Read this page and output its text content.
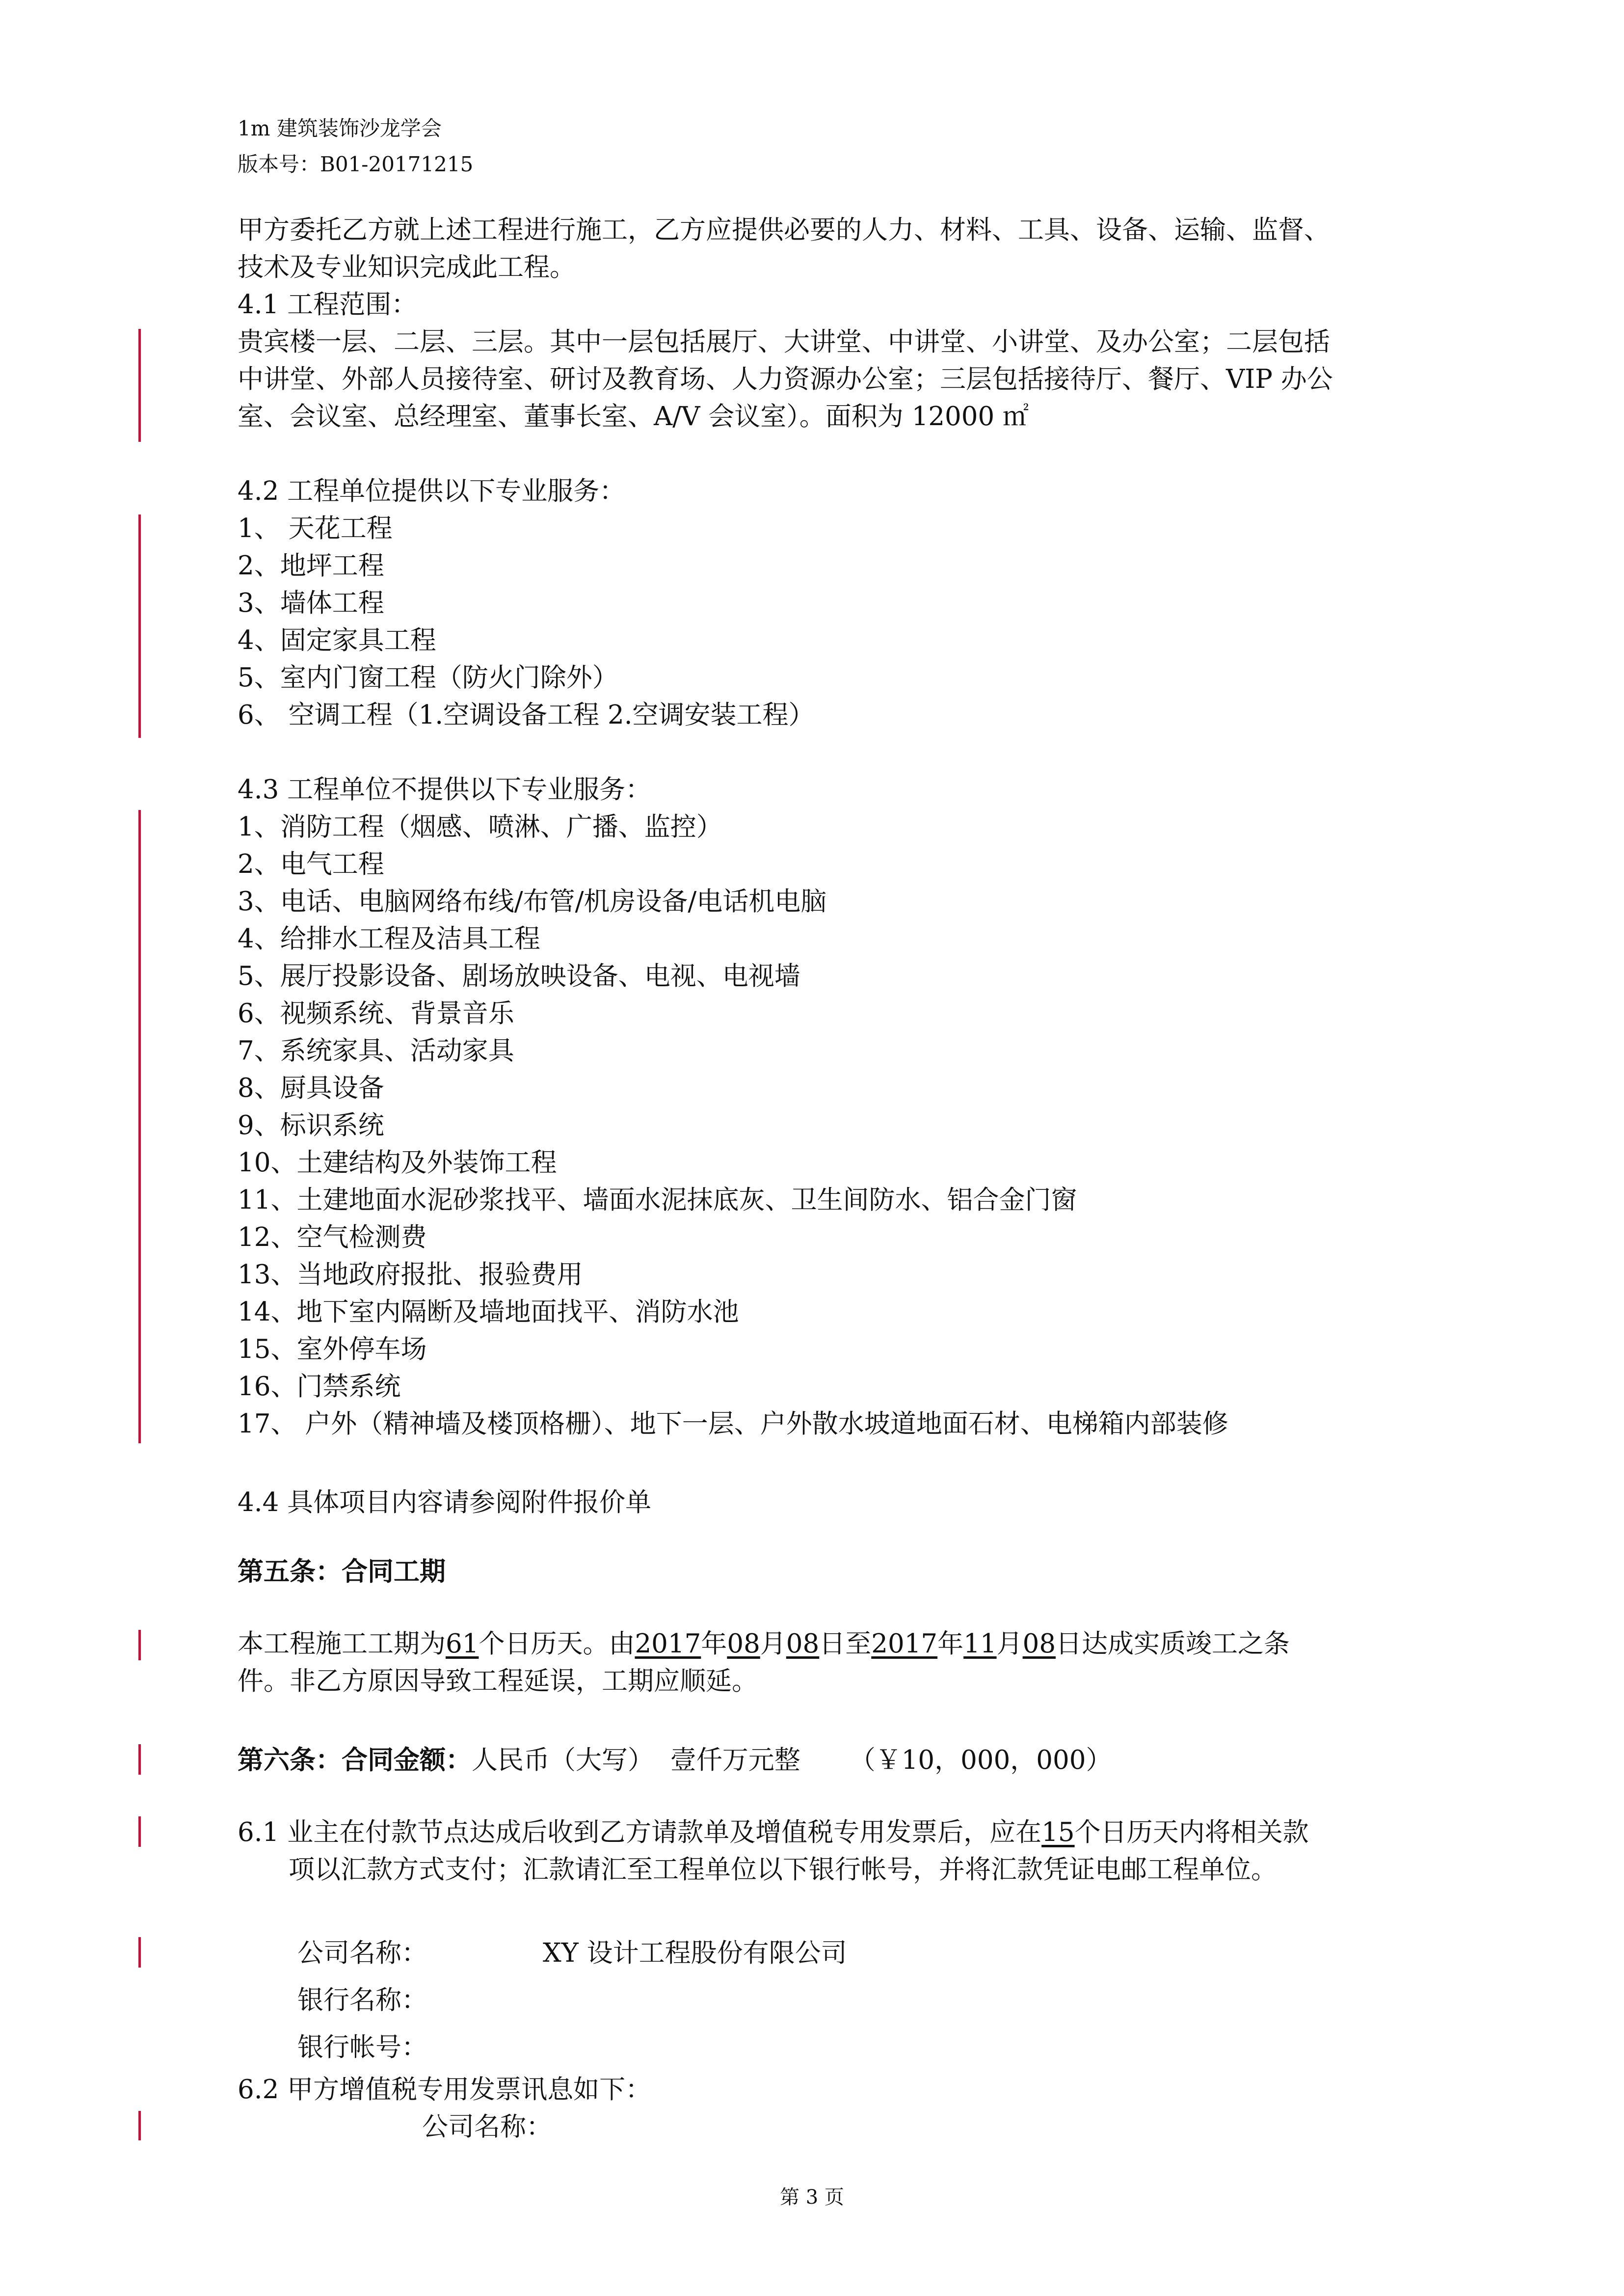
1m 建筑装饰沙龙学会
版本号：B01-20171215
甲方委托乙方就上述工程进行施工，乙方应提供必要的人力、材料、工具、设备、运输、监督、
技术及专业知识完成此工程。
4.1 工程范围：
贵宾楼一层、二层、三层。其中一层包括展厅、大讲堂、中讲堂、小讲堂、及办公室；二层包括
中讲堂、外部人员接待室、研讨及教育场、人力资源办公室；三层包括接待厅、餐厅、VIP 办公
室、会议室、总经理室、董事长室、A/V 会议室）。面积为 12000 ㎡
4.2 工程单位提供以下专业服务：
1、 天花工程
2、地坪工程
3、墙体工程
4、固定家具工程
5、室内门窗工程（防火门除外）
6、 空调工程（1.空调设备工程 2.空调安装工程）
4.3 工程单位不提供以下专业服务：
1、消防工程（烟感、喷淋、广播、监控）
2、电气工程
3、电话、电脑网络布线/布管/机房设备/电话机电脑
4、给排水工程及洁具工程
5、展厅投影设备、剧场放映设备、电视、电视墙
6、视频系统、背景音乐
7、系统家具、活动家具
8、厨具设备
9、标识系统
10、土建结构及外装饰工程
11、土建地面水泥砂浆找平、墙面水泥抹底灰、卫生间防水、铝合金门窗
12、空气检测费
13、当地政府报批、报验费用
14、地下室内隔断及墙地面找平、消防水池
15、室外停车场
16、门禁系统
17、 户外（精神墙及楼顶格栅）、地下一层、户外散水坡道地面石材、电梯箱内部装修
4.4 具体项目内容请参阅附件报价单
第五条：合同工期
本工程施工工期为61个日历天。由2017年08月08日至2017年11月08日达成实质竣工之条
件。非乙方原因导致工程延误，工期应顺延。
第六条：合同金额：人民币（大写）  壹仟万元整 （￥10，000，000）
6.1 业主在付款节点达成后收到乙方请款单及增值税专用发票后，应在15个日历天内将相关款
项以汇款方式支付；汇款请汇至工程单位以下银行帐号，并将汇款凭证电邮工程单位。
公司名称：	XY 设计工程股份有限公司
银行名称：
银行帐号：
6.2 甲方增值税专用发票讯息如下：
公司名称：
第 3 页
